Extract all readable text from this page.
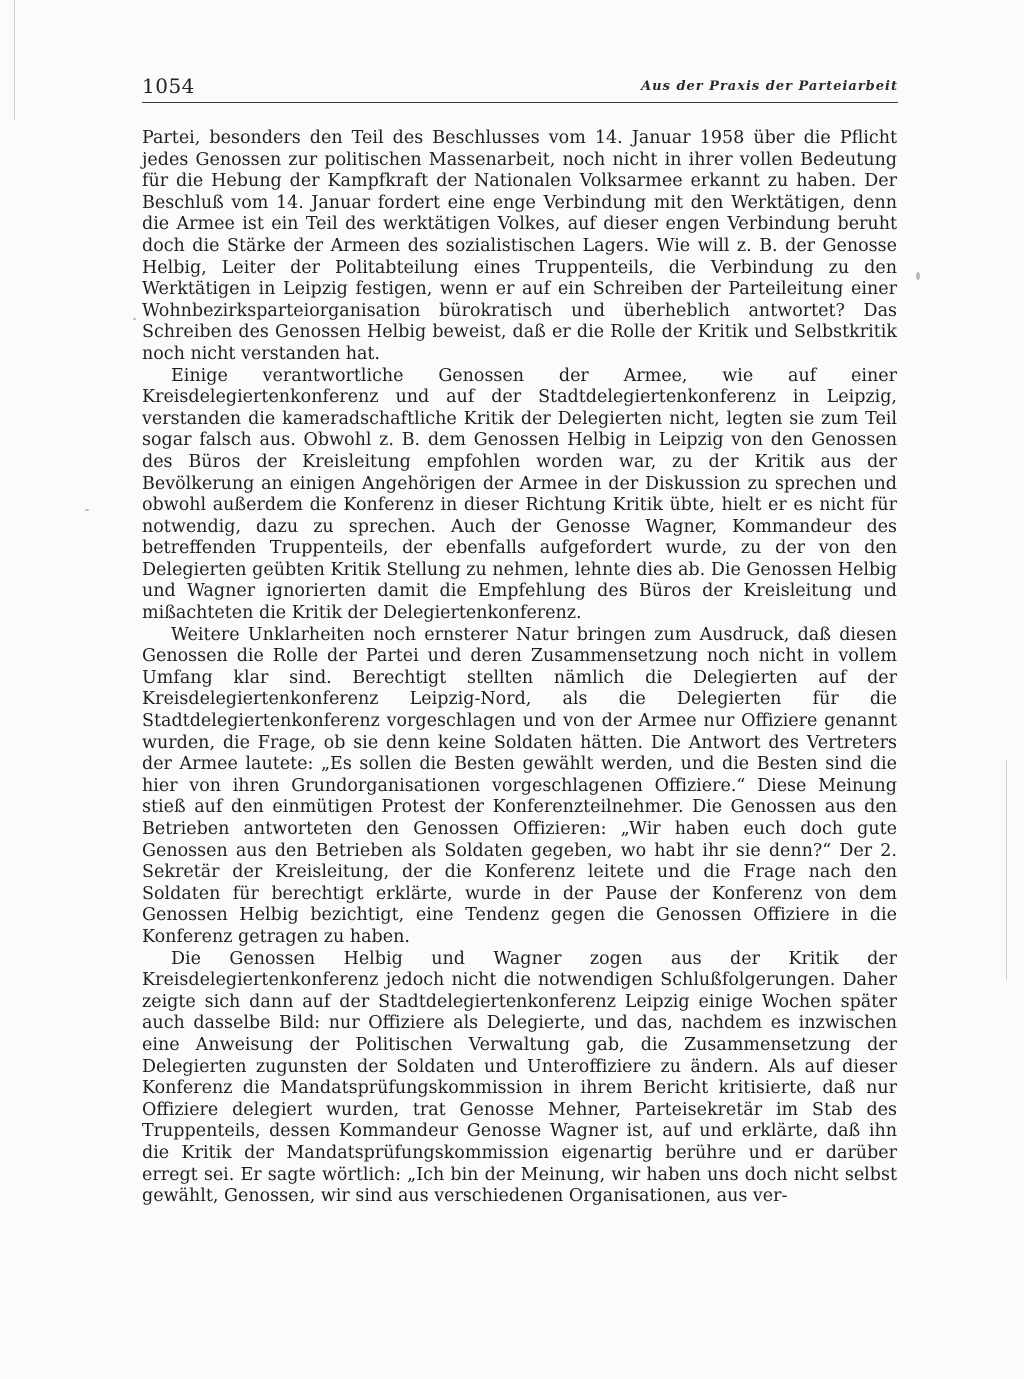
1054	Aus der Praxis der Parteiarbeit

Partei, besonders den Teil des Beschlusses vom 14. Januar 1958 über die Pflicht jedes Genossen zur politischen Massenarbeit, noch nicht in ihrer vollen Bedeutung für die Hebung der Kampfkraft der Nationalen Volksarmee erkannt zu haben. Der Beschluß vom 14. Januar fordert eine enge Verbindung mit den Werktätigen, denn die Armee ist ein Teil des werktätigen Volkes, auf dieser engen Verbindung beruht doch die Stärke der Armeen des sozialistischen Lagers. Wie will z. B. der Genosse Helbig, Leiter der Politabteilung eines Truppenteils, die Verbindung zu den Werktätigen in Leipzig festigen, wenn er auf ein Schreiben der Parteileitung einer Wohnbezirksparteiorganisation bürokratisch und überheblich antwortet? Das Schreiben des Genossen Helbig beweist, daß er die Rolle der Kritik und Selbstkritik noch nicht verstanden hat.

Einige verantwortliche Genossen der Armee, wie auf einer Kreisdelegiertenkonferenz und auf der Stadtdelegiertenkonferenz in Leipzig, verstanden die kameradschaftliche Kritik der Delegierten nicht, legten sie zum Teil sogar falsch aus. Obwohl z. B. dem Genossen Helbig in Leipzig von den Genossen des Büros der Kreisleitung empfohlen worden war, zu der Kritik aus der Bevölkerung an einigen Angehörigen der Armee in der Diskussion zu sprechen und obwohl außerdem die Konferenz in dieser Richtung Kritik übte, hielt er es nicht für notwendig, dazu zu sprechen. Auch der Genosse Wagner, Kommandeur des betreffenden Truppenteils, der ebenfalls aufgefordert wurde, zu der von den Delegierten geübten Kritik Stellung zu nehmen, lehnte dies ab. Die Genossen Helbig und Wagner ignorierten damit die Empfehlung des Büros der Kreisleitung und mißachteten die Kritik der Delegiertenkonferenz.

Weitere Unklarheiten noch ernsterer Natur bringen zum Ausdruck, daß diesen Genossen die Rolle der Partei und deren Zusammensetzung noch nicht in vollem Umfang klar sind. Berechtigt stellten nämlich die Delegierten auf der Kreisdelegiertenkonferenz Leipzig-Nord, als die Delegierten für die Stadtdelegiertenkonferenz vorgeschlagen und von der Armee nur Offiziere genannt wurden, die Frage, ob sie denn keine Soldaten hätten. Die Antwort des Vertreters der Armee lautete: „Es sollen die Besten gewählt werden, und die Besten sind die hier von ihren Grundorganisationen vorgeschlagenen Offiziere.“ Diese Meinung stieß auf den einmütigen Protest der Konferenzteilnehmer. Die Genossen aus den Betrieben antworteten den Genossen Offizieren: „Wir haben euch doch gute Genossen aus den Betrieben als Soldaten gegeben, wo habt ihr sie denn?“ Der 2. Sekretär der Kreisleitung, der die Konferenz leitete und die Frage nach den Soldaten für berechtigt erklärte, wurde in der Pause der Konferenz von dem Genossen Helbig bezichtigt, eine Tendenz gegen die Genossen Offiziere in die Konferenz getragen zu haben.

Die Genossen Helbig und Wagner zogen aus der Kritik der Kreisdelegiertenkonferenz jedoch nicht die notwendigen Schlußfolgerungen. Daher zeigte sich dann auf der Stadtdelegiertenkonferenz Leipzig einige Wochen später auch dasselbe Bild: nur Offiziere als Delegierte, und das, nachdem es inzwischen eine Anweisung der Politischen Verwaltung gab, die Zusammensetzung der Delegierten zugunsten der Soldaten und Unteroffiziere zu ändern. Als auf dieser Konferenz die Mandatsprüfungskommission in ihrem Bericht kritisierte, daß nur Offiziere delegiert wurden, trat Genosse Mehner, Parteisekretär im Stab des Truppenteils, dessen Kommandeur Genosse Wagner ist, auf und erklärte, daß ihn die Kritik der Mandatsprüfungskommission eigenartig berühre und er darüber erregt sei. Er sagte wörtlich: „Ich bin der Meinung, wir haben uns doch nicht selbst gewählt, Genossen, wir sind aus verschiedenen Organisationen, aus ver-
